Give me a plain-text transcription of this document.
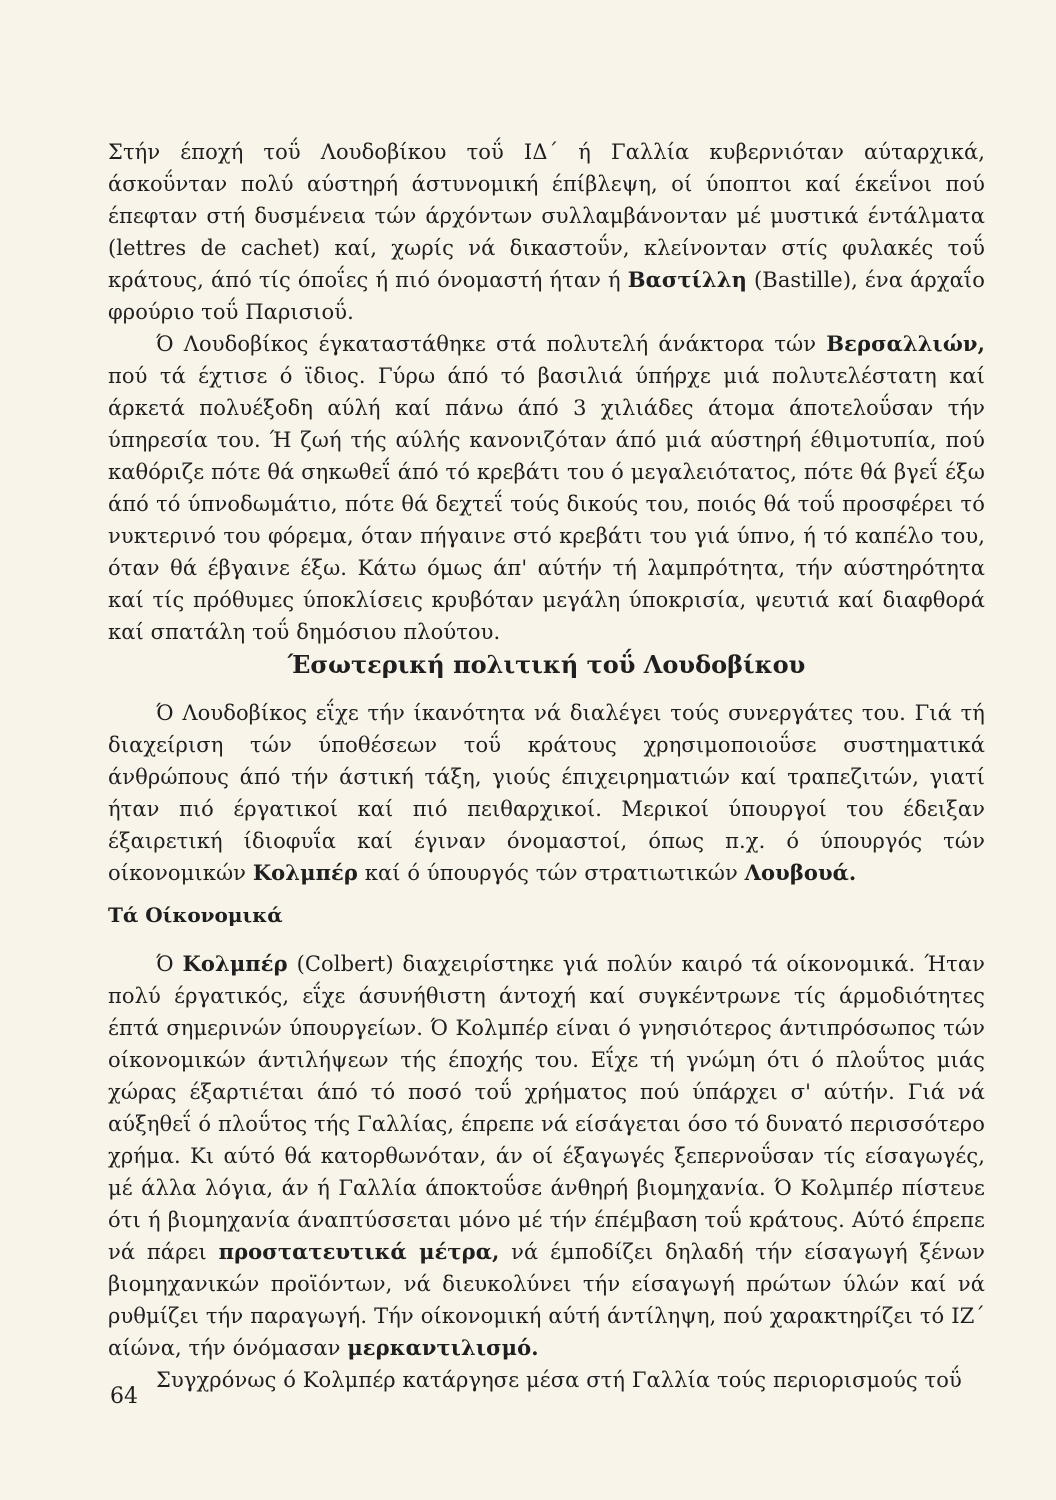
Στήν έποχή τοΰ Λουδοβίκου τοΰ ΙΔ΄ ή Γαλλία κυβερνιόταν αύταρχικά, άσκοΰνταν πολύ αύστηρή άστυνομική έπίβλεψη, οί ύποπτοι καί έκεΐνοι πού έπεφταν στή δυσμένεια τών άρχόντων συλλαμβάνονταν μέ μυστικά έντάλματα (lettres de cachet) καί, χωρίς νά δικαστοΰν, κλείνονταν στίς φυλακές τοΰ κράτους, άπό τίς όποΐες ή πιό όνομαστή ήταν ή Βαστίλλη (Bastille), ένα άρχαΐο φρούριο τοΰ Παρισιοΰ.

Ό Λουδοβίκος έγκαταστάθηκε στά πολυτελή άνάκτορα τών Βερσαλλιών, πού τά έχτισε ό ϊδιος. Γύρω άπό τό βασιλιά ύπήρχε μιά πολυτελέστατη καί άρκετά πολυέξοδη αύλή καί πάνω άπό 3 χιλιάδες άτομα άποτελοΰσαν τήν ύπηρεσία του. Ή ζωή τής αύλής κανονιζόταν άπό μιά αύστηρή έθιμοτυπία, πού καθόριζε πότε θά σηκωθεΐ άπό τό κρεβάτι του ό μεγαλειότατος, πότε θά βγεΐ έξω άπό τό ύπνοδωμάτιο, πότε θά δεχτεΐ τούς δικούς του, ποιός θά τοΰ προσφέρει τό νυκτερινό του φόρεμα, όταν πήγαινε στό κρεβάτι του γιά ύπνο, ή τό καπέλο του, όταν θά έβγαινε έξω. Κάτω όμως άπ' αύτήν τή λαμπρότητα, τήν αύστηρότητα καί τίς πρόθυμες ύποκλίσεις κρυβόταν μεγάλη ύποκρισία, ψευτιά καί διαφθορά καί σπατάλη τοΰ δημόσιου πλούτου.

Έσωτερική πολιτική τοΰ Λουδοβίκου

Ό Λουδοβίκος εΐχε τήν ίκανότητα νά διαλέγει τούς συνεργάτες του. Γιά τή διαχείριση τών ύποθέσεων τοΰ κράτους χρησιμοποιοΰσε συστηματικά άνθρώπους άπό τήν άστική τάξη, γιούς έπιχειρηματιών καί τραπεζιτών, γιατί ήταν πιό έργατικοί καί πιό πειθαρχικοί. Μερικοί ύπουργοί του έδειξαν έξαιρετική ίδιοφυΐα καί έγιναν όνομαστοί, όπως π.χ. ό ύπουργός τών οίκονομικών Κολμπέρ καί ό ύπουργός τών στρατιωτικών Λουβουά.

Τά Οίκονομικά

Ό Κολμπέρ (Colbert) διαχειρίστηκε γιά πολύν καιρό τά οίκονομικά. Ήταν πολύ έργατικός, εΐχε άσυνήθιστη άντοχή καί συγκέντρωνε τίς άρμοδιότητες έπτά σημερινών ύπουργείων. Ό Κολμπέρ είναι ό γνησιότερος άντιπρόσωπος τών οίκονομικών άντιλήψεων τής έποχής του. Εΐχε τή γνώμη ότι ό πλοΰτος μιάς χώρας έξαρτιέται άπό τό ποσό τοΰ χρήματος πού ύπάρχει σ' αύτήν. Γιά νά αύξηθεΐ ό πλοΰτος τής Γαλλίας, έπρεπε νά είσάγεται όσο τό δυνατό περισσότερο χρήμα. Κι αύτό θά κατορθωνόταν, άν οί έξαγωγές ξεπερνοΰσαν τίς είσαγωγές, μέ άλλα λόγια, άν ή Γαλλία άποκτοΰσε άνθηρή βιομηχανία. Ό Κολμπέρ πίστευε ότι ή βιομηχανία άναπτύσσεται μόνο μέ τήν έπέμβαση τοΰ κράτους. Αύτό έπρεπε νά πάρει προστατευτικά μέτρα, νά έμποδίζει δηλαδή τήν είσαγωγή ξένων βιομηχανικών προϊόντων, νά διευκολύνει τήν είσαγωγή πρώτων ύλών καί νά ρυθμίζει τήν παραγωγή. Τήν οίκονομική αύτή άντίληψη, πού χαρακτηρίζει τό ΙΖ΄ αίώνα, τήν όνόμασαν μερκαντιλισμό.

Συγχρόνως ό Κολμπέρ κατάργησε μέσα στή Γαλλία τούς περιορισμούς τοΰ

64
